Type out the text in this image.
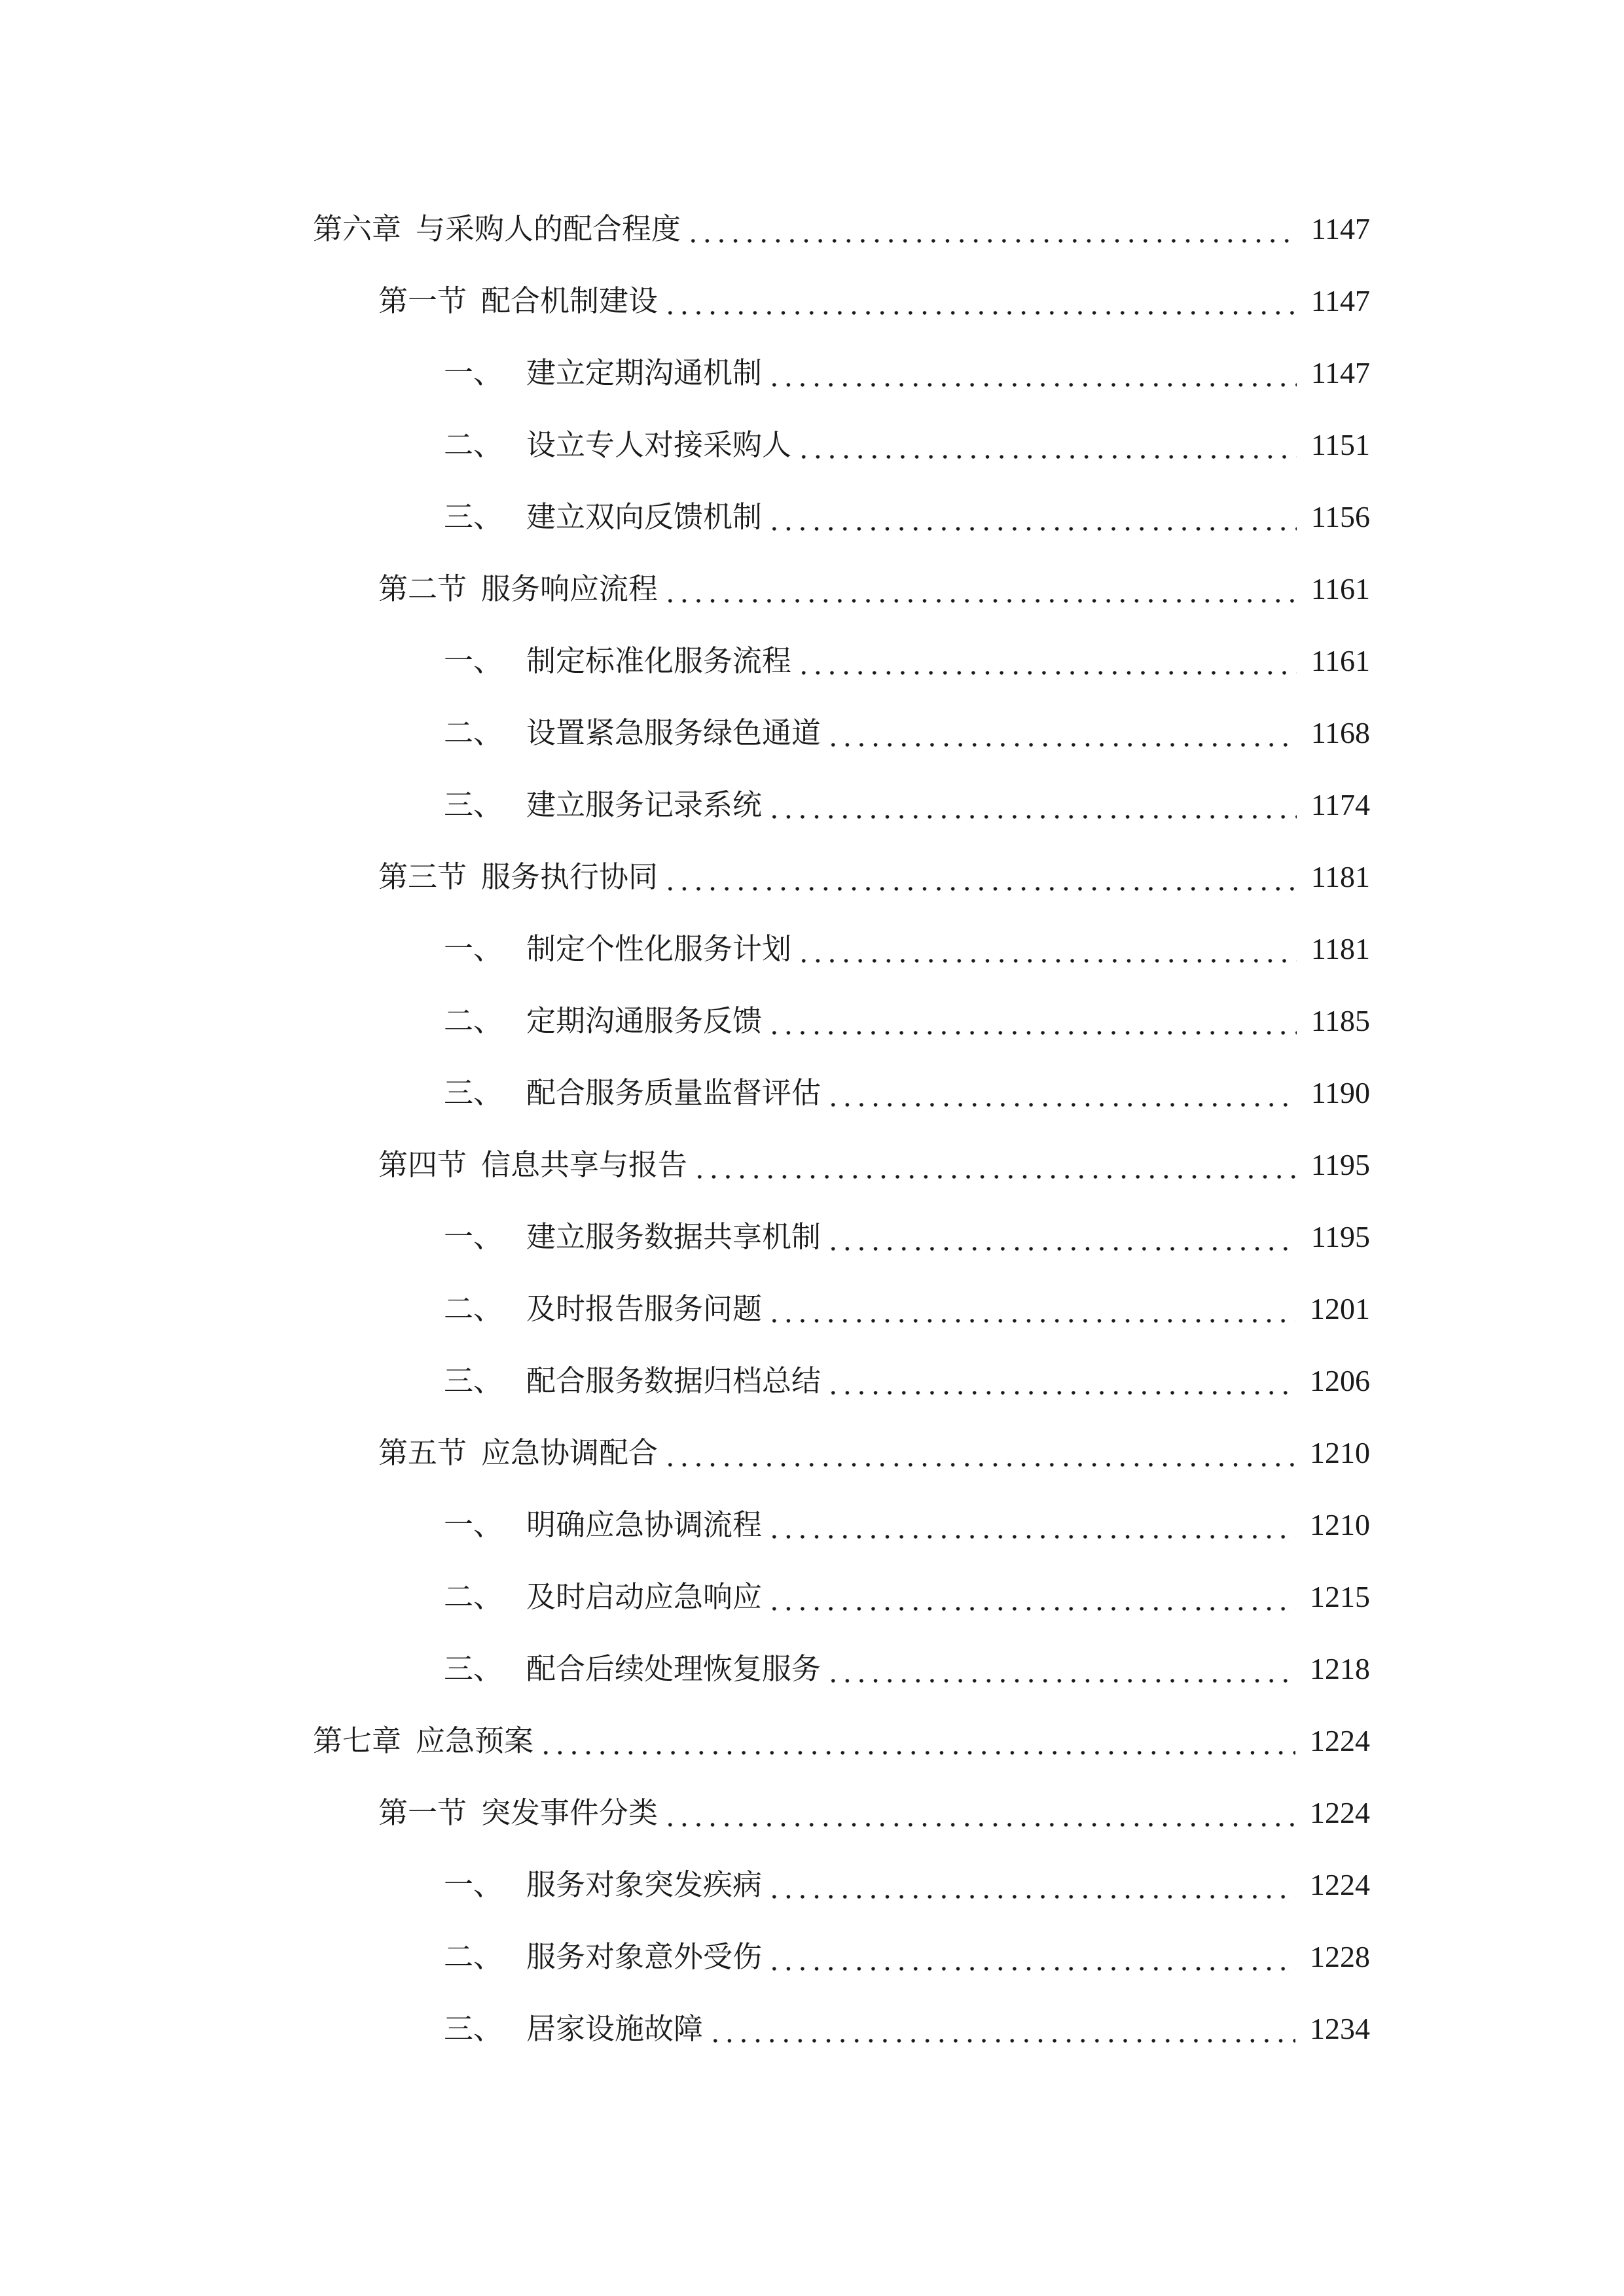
第六章 与采购人的配合程度	1147
第一节 配合机制建设	1147
一、 建立定期沟通机制	1147
二、 设立专人对接采购人	1151
三、 建立双向反馈机制	1156
第二节 服务响应流程	1161
一、 制定标准化服务流程	1161
二、 设置紧急服务绿色通道	1168
三、 建立服务记录系统	1174
第三节 服务执行协同	1181
一、 制定个性化服务计划	1181
二、 定期沟通服务反馈	1185
三、 配合服务质量监督评估	1190
第四节 信息共享与报告	1195
一、 建立服务数据共享机制	1195
二、 及时报告服务问题	1201
三、 配合服务数据归档总结	1206
第五节 应急协调配合	1210
一、 明确应急协调流程	1210
二、 及时启动应急响应	1215
三、 配合后续处理恢复服务	1218
第七章 应急预案	1224
第一节 突发事件分类	1224
一、 服务对象突发疾病	1224
二、 服务对象意外受伤	1228
三、 居家设施故障	1234
